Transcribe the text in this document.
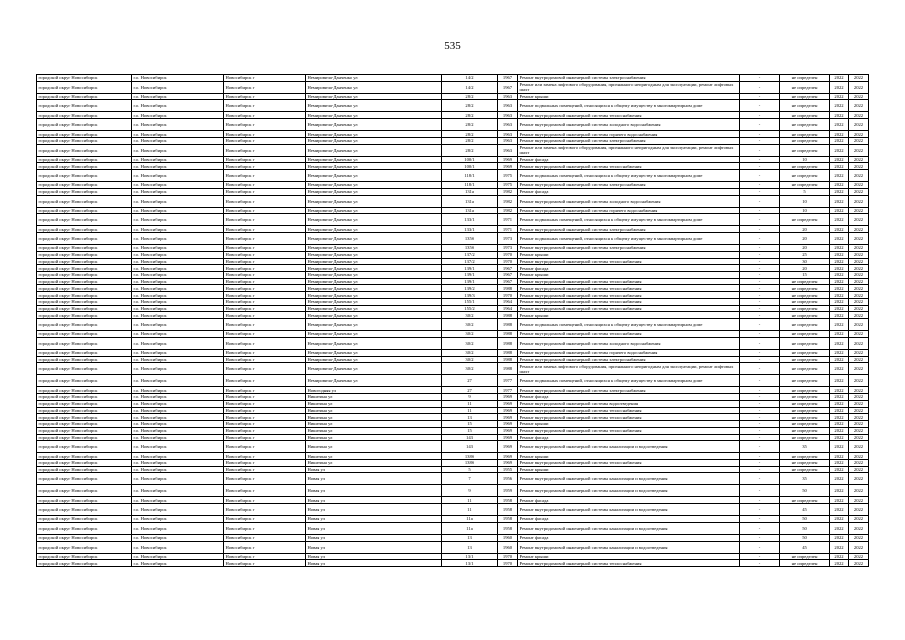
535
городской округ Новосибирск	г.о. Новосибирск	Новосибирск г	Немировича-Данченко ул	14/2	1967	Ремонт внутридомовой инженерной системы электроснабжения	-	не определен	2022	2022
городской округ Новосибирск	г.о. Новосибирск	Новосибирск г	Немировича-Данченко ул	14/2	1967	Ремонт или замена лифтового оборудования, признанного непригодным для эксплуатации, ремонт лифтовых шахт	-	не определен	2022	2022
городской округ Новосибирск	г.о. Новосибирск	Новосибирск г	Немировича-Данченко ул	28/2	1963	Ремонт крыши	-	не определен	2022	2022
городской округ Новосибирск	г.о. Новосибирск	Новосибирск г	Немировича-Данченко ул	28/2	1963	Ремонт подвальных помещений, относящихся к общему имуществу в многоквартирном доме	-	не определен	2022	2022
городской округ Новосибирск	г.о. Новосибирск	Новосибирск г	Немировича-Данченко ул	28/2	1963	Ремонт внутридомовой инженерной системы теплоснабжения	-	не определен	2022	2022
городской округ Новосибирск	г.о. Новосибирск	Новосибирск г	Немировича-Данченко ул	28/2	1963	Ремонт внутридомовой инженерной системы холодного водоснабжения	-	не определен	2022	2022
городской округ Новосибирск	г.о. Новосибирск	Новосибирск г	Немировича-Данченко ул	28/2	1963	Ремонт внутридомовой инженерной системы горячего водоснабжения	-	не определен	2022	2022
городской округ Новосибирск	г.о. Новосибирск	Новосибирск г	Немировича-Данченко ул	28/2	1963	Ремонт внутридомовой инженерной системы электроснабжения	-	не определен	2022	2022
городской округ Новосибирск	г.о. Новосибирск	Новосибирск г	Немировича-Данченко ул	28/2	1963	Ремонт или замена лифтового оборудования, признанного непригодным для эксплуатации, ремонт лифтовых шахт	-	не определен	2022	2022
городской округ Новосибирск	г.о. Новосибирск	Новосибирск г	Немировича-Данченко ул	100/1	1969	Ремонт фасада	-	10	2022	2022
городской округ Новосибирск	г.о. Новосибирск	Новосибирск г	Немировича-Данченко ул	100/1	1969	Ремонт внутридомовой инженерной системы теплоснабжения	-	не определен	2022	2022
городской округ Новосибирск	г.о. Новосибирск	Новосибирск г	Немировича-Данченко ул	118/1	1975	Ремонт подвальных помещений, относящихся к общему имуществу в многоквартирном доме	-	не определен	2022	2022
городской округ Новосибирск	г.о. Новосибирск	Новосибирск г	Немировича-Данченко ул	118/1	1975	Ремонт внутридомовой инженерной системы электроснабжения	-	не определен	2022	2022
городской округ Новосибирск	г.о. Новосибирск	Новосибирск г	Немировича-Данченко ул	131а	1982	Ремонт фасада	-	5	2022	2022
городской округ Новосибирск	г.о. Новосибирск	Новосибирск г	Немировича-Данченко ул	131а	1982	Ремонт внутридомовой инженерной системы холодного водоснабжения	-	10	2022	2022
городской округ Новосибирск	г.о. Новосибирск	Новосибирск г	Немировича-Данченко ул	131а	1982	Ремонт внутридомовой инженерной системы горячего водоснабжения	-	10	2022	2022
городской округ Новосибирск	г.о. Новосибирск	Новосибирск г	Немировича-Данченко ул	133/1	1971	Ремонт подвальных помещений, относящихся к общему имуществу в многоквартирном доме	-	не определен	2022	2022
городской округ Новосибирск	г.о. Новосибирск	Новосибирск г	Немировича-Данченко ул	133/1	1971	Ремонт внутридомовой инженерной системы электроснабжения	-	20	2022	2022
городской округ Новосибирск	г.о. Новосибирск	Новосибирск г	Немировича-Данченко ул	135б	1973	Ремонт подвальных помещений, относящихся к общему имуществу в многоквартирном доме	-	20	2022	2022
городской округ Новосибирск	г.о. Новосибирск	Новосибирск г	Немировича-Данченко ул	135б	1973	Ремонт внутридомовой инженерной системы электроснабжения	-	20	2022	2022
городской округ Новосибирск	г.о. Новосибирск	Новосибирск г	Немировича-Данченко ул	137/2	1970	Ремонт крыши	-	25	2022	2022
городской округ Новосибирск	г.о. Новосибирск	Новосибирск г	Немировича-Данченко ул	137/2	1970	Ремонт внутридомовой инженерной системы теплоснабжения	-	30	2022	2022
городской округ Новосибирск	г.о. Новосибирск	Новосибирск г	Немировича-Данченко ул	139/1	1967	Ремонт фасада	-	20	2022	2022
городской округ Новосибирск	г.о. Новосибирск	Новосибирск г	Немировича-Данченко ул	139/1	1967	Ремонт крыши	-	15	2022	2022
городской округ Новосибирск	г.о. Новосибирск	Новосибирск г	Немировича-Данченко ул	139/1	1967	Ремонт внутридомовой инженерной системы теплоснабжения	-	не определен	2022	2022
городской округ Новосибирск	г.о. Новосибирск	Новосибирск г	Немировича-Данченко ул	139/2	1988	Ремонт внутридомовой инженерной системы теплоснабжения	-	не определен	2022	2022
городской округ Новосибирск	г.о. Новосибирск	Новосибирск г	Немировича-Данченко ул	139/3	1970	Ремонт внутридомовой инженерной системы теплоснабжения	-	не определен	2022	2022
городской округ Новосибирск	г.о. Новосибирск	Новосибирск г	Немировича-Данченко ул	155/1	1964	Ремонт внутридомовой инженерной системы теплоснабжения	-	не определен	2022	2022
городской округ Новосибирск	г.о. Новосибирск	Новосибирск г	Немировича-Данченко ул	155/2	1964	Ремонт внутридомовой инженерной системы теплоснабжения	-	не определен	2022	2022
городской округ Новосибирск	г.о. Новосибирск	Новосибирск г	Немировича-Данченко ул	30/2	1988	Ремонт крыши	-	не определен	2022	2022
городской округ Новосибирск	г.о. Новосибирск	Новосибирск г	Немировича-Данченко ул	30/2	1988	Ремонт подвальных помещений, относящихся к общему имуществу в многоквартирном доме	-	не определен	2022	2022
городской округ Новосибирск	г.о. Новосибирск	Новосибирск г	Немировича-Данченко ул	30/2	1988	Ремонт внутридомовой инженерной системы теплоснабжения	-	не определен	2022	2022
городской округ Новосибирск	г.о. Новосибирск	Новосибирск г	Немировича-Данченко ул	30/2	1988	Ремонт внутридомовой инженерной системы холодного водоснабжения	-	не определен	2022	2022
городской округ Новосибирск	г.о. Новосибирск	Новосибирск г	Немировича-Данченко ул	30/2	1988	Ремонт внутридомовой инженерной системы горячего водоснабжения	-	не определен	2022	2022
городской округ Новосибирск	г.о. Новосибирск	Новосибирск г	Немировича-Данченко ул	30/2	1988	Ремонт внутридомовой инженерной системы электроснабжения	-	не определен	2022	2022
городской округ Новосибирск	г.о. Новосибирск	Новосибирск г	Немировича-Данченко ул	30/2	1988	Ремонт или замена лифтового оборудования, признанного непригодным для эксплуатации, ремонт лифтовых шахт	-	не определен	2022	2022
городской округ Новосибирск	г.о. Новосибирск	Новосибирск г	Немировича-Данченко ул	27	1977	Ремонт подвальных помещений, относящихся к общему имуществу в многоквартирном доме	-	не определен	2022	2022
городской округ Новосибирск	г.о. Новосибирск	Новосибирск г	Новогодняя ул	27	1977	Ремонт внутридомовой инженерной системы электроснабжения	-	не определен	2022	2022
городской округ Новосибирск	г.о. Новосибирск	Новосибирск г	Никитина ул	9	1969	Ремонт фасада	-	не определен	2022	2022
городской округ Новосибирск	г.о. Новосибирск	Новосибирск г	Никитина ул	11	1969	Ремонт внутридомовой инженерной системы водоотведения	-	не определен	2022	2022
городской округ Новосибирск	г.о. Новосибирск	Новосибирск г	Никитина ул	11	1969	Ремонт внутридомовой инженерной системы теплоснабжения	-	не определен	2022	2022
городской округ Новосибирск	г.о. Новосибирск	Новосибирск г	Никитина ул	13	1969	Ремонт внутридомовой инженерной системы теплоснабжения	-	не определен	2022	2022
городской округ Новосибирск	г.о. Новосибирск	Новосибирск г	Никитина ул	15	1969	Ремонт крыши	-	не определен	2022	2022
городской округ Новосибирск	г.о. Новосибирск	Новосибирск г	Никитина ул	15	1969	Ремонт внутридомовой инженерной системы теплоснабжения	-	не определен	2022	2022
городской округ Новосибирск	г.о. Новосибирск	Новосибирск г	Никитина ул	143	1969	Ремонт фасада	-	не определен	2022	2022
городской округ Новосибирск	г.о. Новосибирск	Новосибирск г	Никитина ул	143	1969	Ремонт внутридомовой инженерной системы канализации и водоотведения	-	35	2022	2022
городской округ Новосибирск	г.о. Новосибирск	Новосибирск г	Никитина ул	138б	1969	Ремонт крыши	-	не определен	2022	2022
городской округ Новосибирск	г.о. Новосибирск	Новосибирск г	Никитина ул	138б	1969	Ремонт внутридомовой инженерной системы теплоснабжения	-	не определен	2022	2022
городской округ Новосибирск	г.о. Новосибирск	Новосибирск г	Новая ул	5	1955	Ремонт крыши	-	не определен	2022	2022
городской округ Новосибирск	г.о. Новосибирск	Новосибирск г	Новая ул	7	1956	Ремонт внутридомовой инженерной системы канализации и водоотведения	-	35	2022	2022
городской округ Новосибирск	г.о. Новосибирск	Новосибирск г	Новая ул	9	1959	Ремонт внутридомовой инженерной системы канализации и водоотведения	-	50	2022	2022
городской округ Новосибирск	г.о. Новосибирск	Новосибирск г	Новая ул	11	1958	Ремонт фасада	-	не определен	2022	2022
городской округ Новосибирск	г.о. Новосибирск	Новосибирск г	Новая ул	11	1958	Ремонт внутридомовой инженерной системы канализации и водоотведения	-	45	2022	2022
городской округ Новосибирск	г.о. Новосибирск	Новосибирск г	Новая ул	11а	1958	Ремонт фасада	-	50	2022	2022
городской округ Новосибирск	г.о. Новосибирск	Новосибирск г	Новая ул	11а	1958	Ремонт внутридомовой инженерной системы канализации и водоотведения	-	50	2022	2022
городской округ Новосибирск	г.о. Новосибирск	Новосибирск г	Новая ул	13	1960	Ремонт фасада	-	50	2022	2022
городской округ Новосибирск	г.о. Новосибирск	Новосибирск г	Новая ул	13	1960	Ремонт внутридомовой инженерной системы канализации и водоотведения	-	45	2022	2022
городской округ Новосибирск	г.о. Новосибирск	Новосибирск г	Новая ул	13/1	1970	Ремонт крыши	-	не определен	2022	2022
городской округ Новосибирск	г.о. Новосибирск	Новосибирск г	Новая ул	13/1	1970	Ремонт внутридомовой инженерной системы теплоснабжения	-	не определен	2022	2022
